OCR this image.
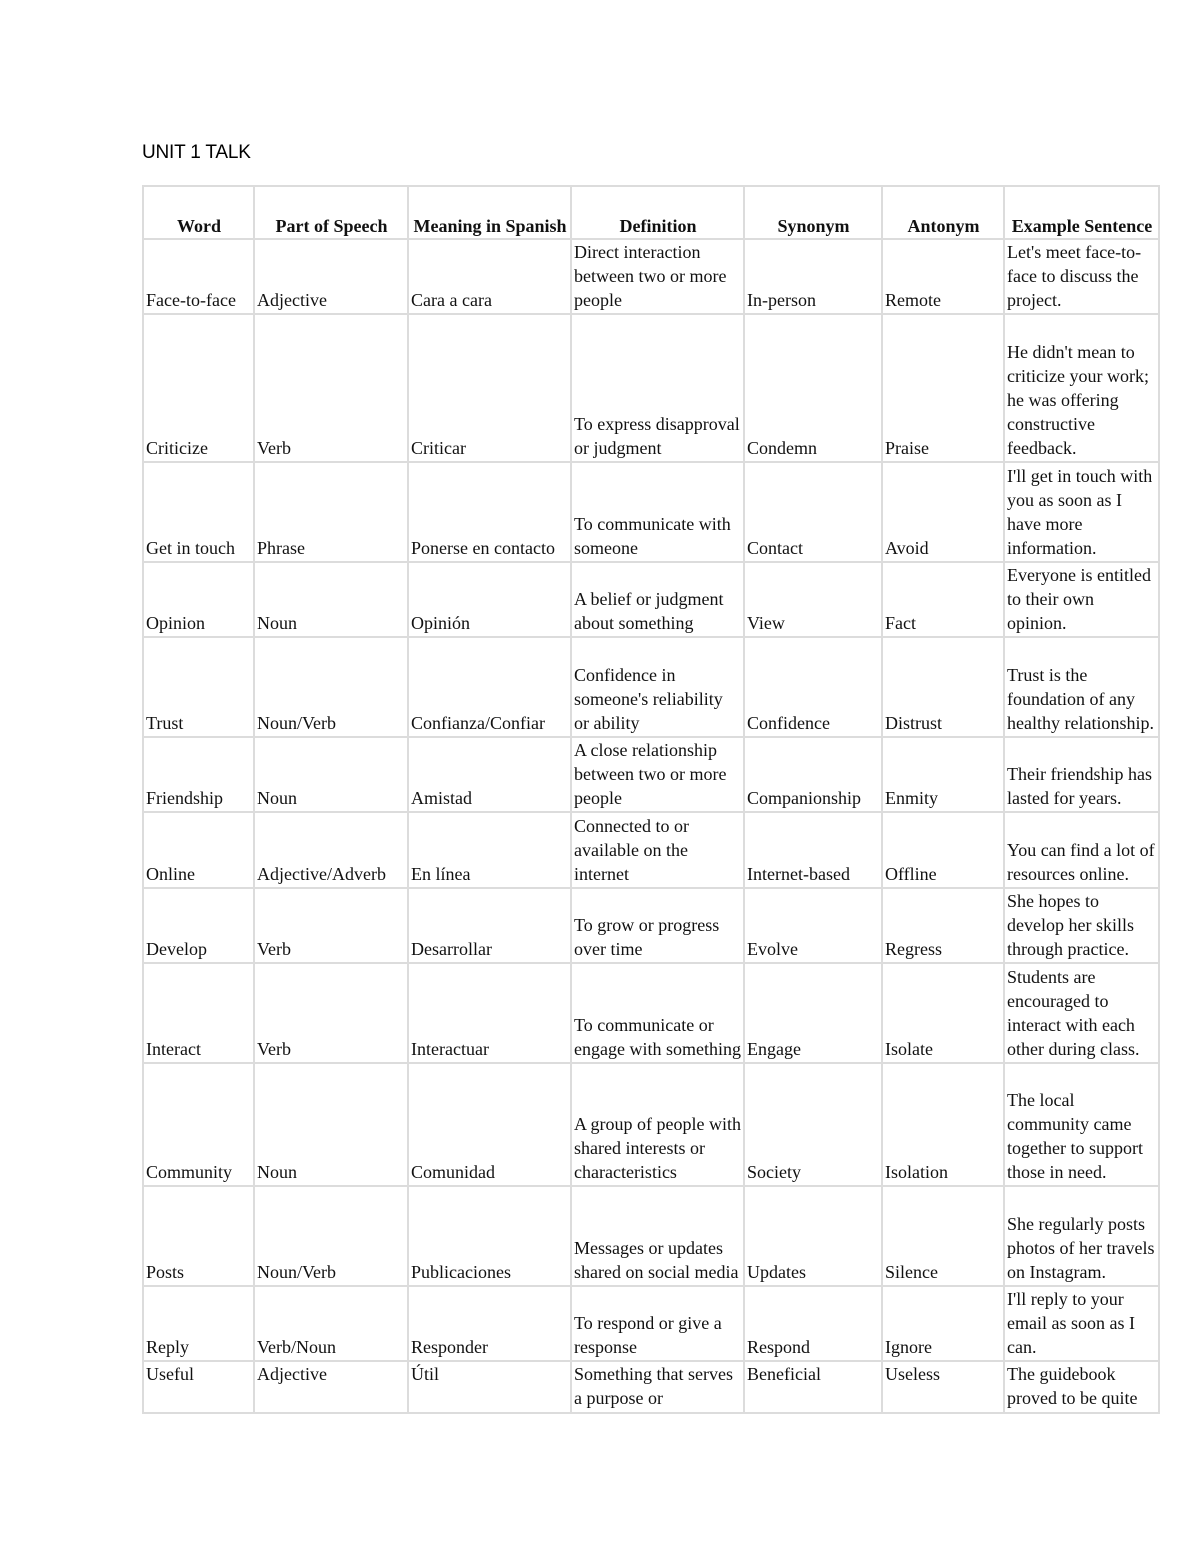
UNIT 1 TALK
Word	Part of Speech	Meaning in Spanish	Definition	Synonym	Antonym	Example Sentence
Face-to-face	Adjective	Cara a cara	Direct interaction between two or more people	In-person	Remote	Let's meet face-to-face to discuss the project.
Criticize	Verb	Criticar	To express disapproval or judgment	Condemn	Praise	He didn't mean to criticize your work; he was offering constructive feedback.
Get in touch	Phrase	Ponerse en contacto	To communicate with someone	Contact	Avoid	I'll get in touch with you as soon as I have more information.
Opinion	Noun	Opinión	A belief or judgment about something	View	Fact	Everyone is entitled to their own opinion.
Trust	Noun/Verb	Confianza/Confiar	Confidence in someone's reliability or ability	Confidence	Distrust	Trust is the foundation of any healthy relationship.
Friendship	Noun	Amistad	A close relationship between two or more people	Companionship	Enmity	Their friendship has lasted for years.
Online	Adjective/Adverb	En línea	Connected to or available on the internet	Internet-based	Offline	You can find a lot of resources online.
Develop	Verb	Desarrollar	To grow or progress over time	Evolve	Regress	She hopes to develop her skills through practice.
Interact	Verb	Interactuar	To communicate or engage with something	Engage	Isolate	Students are encouraged to interact with each other during class.
Community	Noun	Comunidad	A group of people with shared interests or characteristics	Society	Isolation	The local community came together to support those in need.
Posts	Noun/Verb	Publicaciones	Messages or updates shared on social media	Updates	Silence	She regularly posts photos of her travels on Instagram.
Reply	Verb/Noun	Responder	To respond or give a response	Respond	Ignore	I'll reply to your email as soon as I can.
Useful	Adjective	Útil	Something that serves a purpose or	Beneficial	Useless	The guidebook proved to be quite
